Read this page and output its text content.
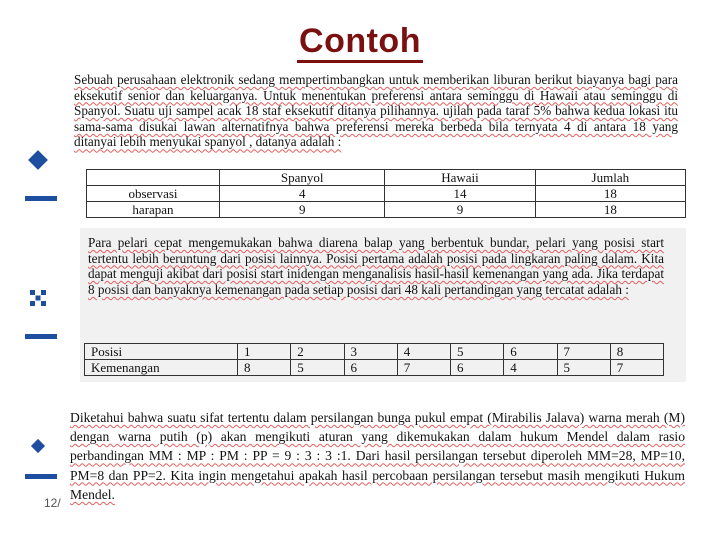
Contoh
Sebuah perusahaan elektronik sedang mempertimbangkan untuk memberikan liburan berikut biayanya bagi para eksekutif senior dan keluarganya. Untuk menentukan preferensi antara seminggu di Hawaii atau seminggu di Spanyol. Suatu uji sampel acak 18 staf eksekutif ditanya pilihannya. ujilah pada taraf 5% bahwa kedua lokasi itu sama-sama disukai lawan alternatifnya bahwa preferensi mereka berbeda bila ternyata 4 di antara 18 yang ditanyai lebih menyukai spanyol , datanya adalah :
	Spanyol	Hawaii	Jumlah
observasi	4	14	18
harapan	9	9	18
Para pelari cepat mengemukakan bahwa diarena balap yang berbentuk bundar, pelari yang posisi start tertentu lebih beruntung dari posisi lainnya. Posisi pertama adalah posisi pada lingkaran paling dalam. Kita dapat menguji akibat dari posisi start inidengan menganalisis hasil-hasil kemenangan yang ada. Jika terdapat 8 posisi dan banyaknya kemenangan pada setiap posisi dari 48 kali pertandingan yang tercatat adalah :
Posisi	1	2	3	4	5	6	7	8
Kemenangan	8	5	6	7	6	4	5	7
12/
Diketahui bahwa suatu sifat tertentu dalam persilangan bunga pukul empat (Mirabilis Jalava) warna merah (M) dengan warna putih (p) akan mengikuti aturan yang dikemukakan dalam hukum Mendel dalam rasio perbandingan MM : MP : PM : PP = 9 : 3 : 3 :1. Dari hasil persilangan tersebut diperoleh MM=28, MP=10, PM=8 dan PP=2. Kita ingin mengetahui apakah hasil percobaan persilangan tersebut masih mengikuti Hukum Mendel.
